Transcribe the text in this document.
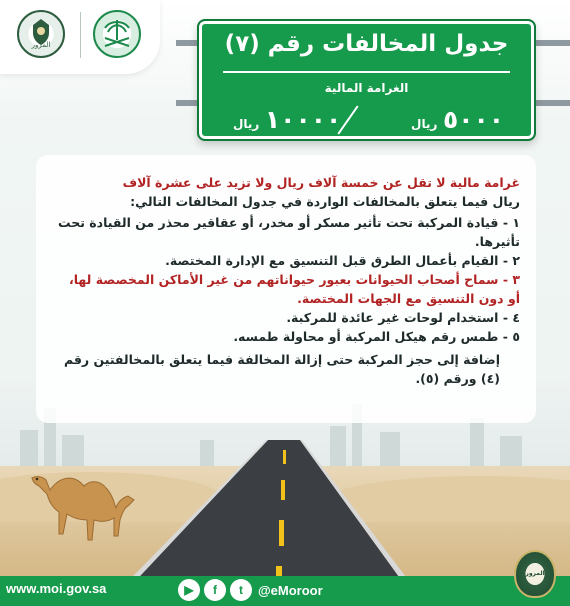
المرور	جدول المخالفات رقم (٧)
الغرامة المالية
١٠٠٠٠ ريال	٥٠٠٠ ريال
غرامة مالية لا تقل عن خمسة آلاف ريال ولا تزيد على عشرة آلاف
ريال فيما يتعلق بالمخالفات الواردة في جدول المخالفات التالي:
١ - قيادة المركبة تحت تأثير مسكر أو مخدر، أو عقاقير محذر من القيادة تحت تأثيرها.
٢ - القيام بأعمال الطرق قبل التنسيق مع الإدارة المختصة.
٣ - سماح أصحاب الحيوانات بعبور حيواناتهم من غير الأماكن المخصصة لها، أو دون التنسيق مع الجهات المختصة.
٤ - استخدام لوحات غير عائدة للمركبة.
٥ - طمس رقم هيكل المركبة أو محاولة طمسه.
إضافة إلى حجز المركبة حتى إزالة المخالفة فيما يتعلق بالمخالفتين رقم (٤) ورقم (٥).
www.moi.gov.sa	▶	f	t	@eMoroor
المرور
